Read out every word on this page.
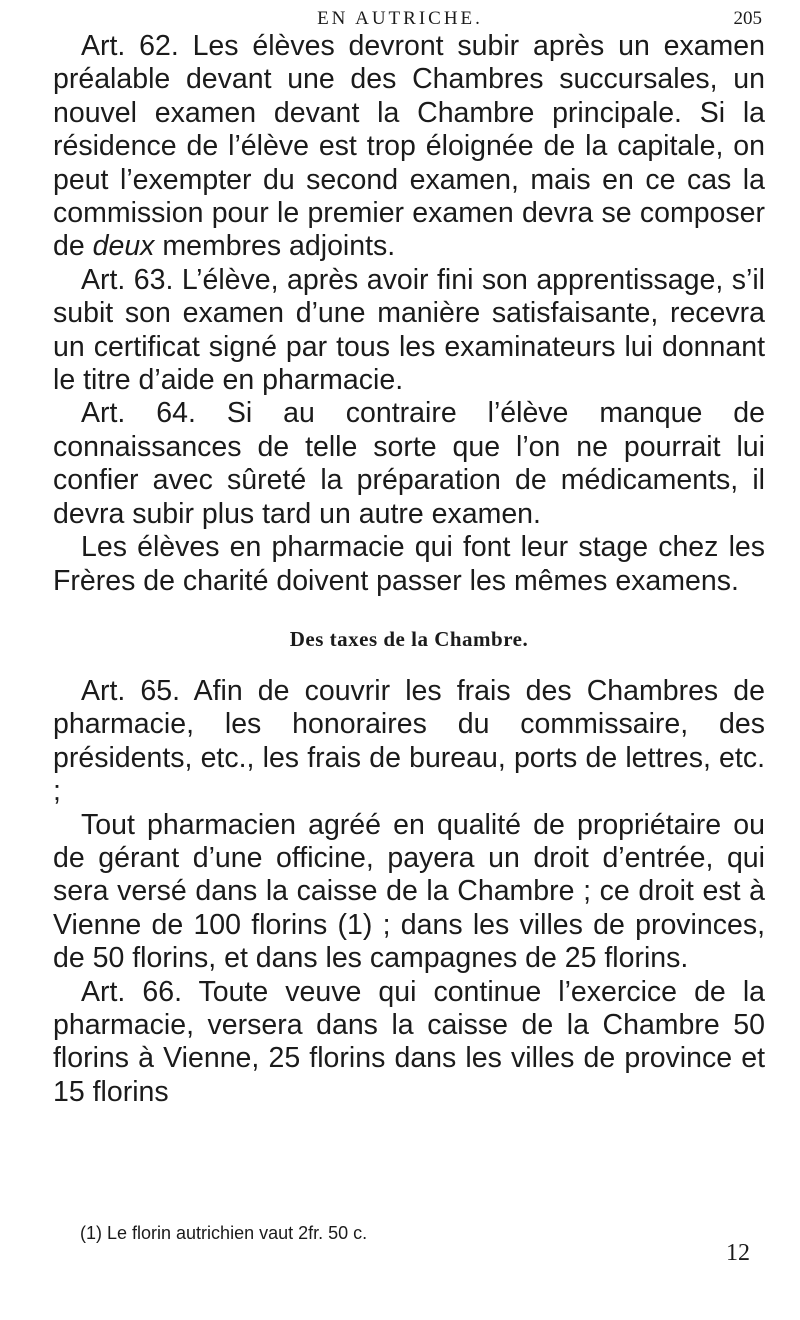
EN AUTRICHE.	205

Art. 62. Les élèves devront subir après un examen préalable devant une des Chambres succursales, un nouvel examen devant la Chambre principale. Si la résidence de l’élève est trop éloignée de la capitale, on peut l’exempter du second examen, mais en ce cas la commission pour le premier examen devra se composer de deux membres adjoints.

Art. 63. L’élève, après avoir fini son apprentissage, s’il subit son examen d’une manière satisfaisante, recevra un certificat signé par tous les examinateurs lui donnant le titre d’aide en pharmacie.

Art. 64. Si au contraire l’élève manque de connaissances de telle sorte que l’on ne pourrait lui confier avec sûreté la préparation de médicaments, il devra subir plus tard un autre examen.

Les élèves en pharmacie qui font leur stage chez les Frères de charité doivent passer les mêmes examens.

Des taxes de la Chambre.

Art. 65. Afin de couvrir les frais des Chambres de pharmacie, les honoraires du commissaire, des présidents, etc., les frais de bureau, ports de lettres, etc. ;

Tout pharmacien agréé en qualité de propriétaire ou de gérant d’une officine, payera un droit d’entrée, qui sera versé dans la caisse de la Chambre ; ce droit est à Vienne de 100 florins (1) ; dans les villes de provinces, de 50 florins, et dans les campagnes de 25 florins.

Art. 66. Toute veuve qui continue l’exercice de la pharmacie, versera dans la caisse de la Chambre 50 florins à Vienne, 25 florins dans les villes de province et 15 florins

(1) Le florin autrichien vaut 2fr. 50 c.
12
